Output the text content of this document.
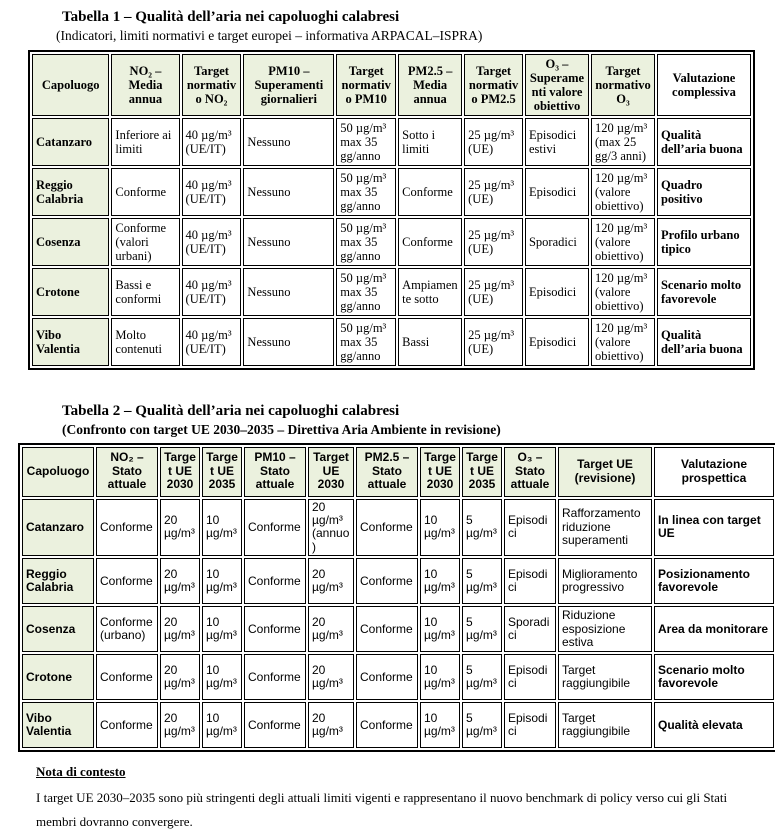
Tabella 1 – Qualità dell’aria nei capoluoghi calabresi
(Indicatori, limiti normativi e target europei – informativa ARPACAL–ISPRA)
Capoluogo	NO₂ – Media annua	Target normativo NO₂	PM10 – Superamenti giornalieri	Target normativo PM10	PM2.5 – Media annua	Target normativo PM2.5	O₃ – Superamenti valore obiettivo	Target normativo O₃	Valutazione complessiva
Catanzaro	Inferiore ai limiti	40 µg/m³ (UE/IT)	Nessuno	50 µg/m³ max 35 gg/anno	Sotto i limiti	25 µg/m³ (UE)	Episodici estivi	120 µg/m³ (max 25 gg/3 anni)	Qualità dell’aria buona
Reggio Calabria	Conforme	40 µg/m³ (UE/IT)	Nessuno	50 µg/m³ max 35 gg/anno	Conforme	25 µg/m³ (UE)	Episodici	120 µg/m³ (valore obiettivo)	Quadro positivo
Cosenza	Conforme (valori urbani)	40 µg/m³ (UE/IT)	Nessuno	50 µg/m³ max 35 gg/anno	Conforme	25 µg/m³ (UE)	Sporadici	120 µg/m³ (valore obiettivo)	Profilo urbano tipico
Crotone	Bassi e conformi	40 µg/m³ (UE/IT)	Nessuno	50 µg/m³ max 35 gg/anno	Ampiamente sotto	25 µg/m³ (UE)	Episodici	120 µg/m³ (valore obiettivo)	Scenario molto favorevole
Vibo Valentia	Molto contenuti	40 µg/m³ (UE/IT)	Nessuno	50 µg/m³ max 35 gg/anno	Bassi	25 µg/m³ (UE)	Episodici	120 µg/m³ (valore obiettivo)	Qualità dell’aria buona
Tabella 2 – Qualità dell’aria nei capoluoghi calabresi
(Confronto con target UE 2030–2035 – Direttiva Aria Ambiente in revisione)
Capoluogo	NO₂ – Stato attuale	Target UE 2030	Target UE 2035	PM10 – Stato attuale	Target UE 2030	PM2.5 – Stato attuale	Target UE 2030	Target UE 2035	O₃ – Stato attuale	Target UE (revisione)	Valutazione prospettica
Catanzaro	Conforme	20 µg/m³	10 µg/m³	Conforme	20 µg/m³ (annuo)	Conforme	10 µg/m³	5 µg/m³	Episodici	Rafforzamento riduzione superamenti	In linea con target UE
Reggio Calabria	Conforme	20 µg/m³	10 µg/m³	Conforme	20 µg/m³	Conforme	10 µg/m³	5 µg/m³	Episodici	Miglioramento progressivo	Posizionamento favorevole
Cosenza	Conforme (urbano)	20 µg/m³	10 µg/m³	Conforme	20 µg/m³	Conforme	10 µg/m³	5 µg/m³	Sporadici	Riduzione esposizione estiva	Area da monitorare
Crotone	Conforme	20 µg/m³	10 µg/m³	Conforme	20 µg/m³	Conforme	10 µg/m³	5 µg/m³	Episodici	Target raggiungibile	Scenario molto favorevole
Vibo Valentia	Conforme	20 µg/m³	10 µg/m³	Conforme	20 µg/m³	Conforme	10 µg/m³	5 µg/m³	Episodici	Target raggiungibile	Qualità elevata
Nota di contesto
I target UE 2030–2035 sono più stringenti degli attuali limiti vigenti e rappresentano il nuovo benchmark di policy verso cui gli Stati membri dovranno convergere.
